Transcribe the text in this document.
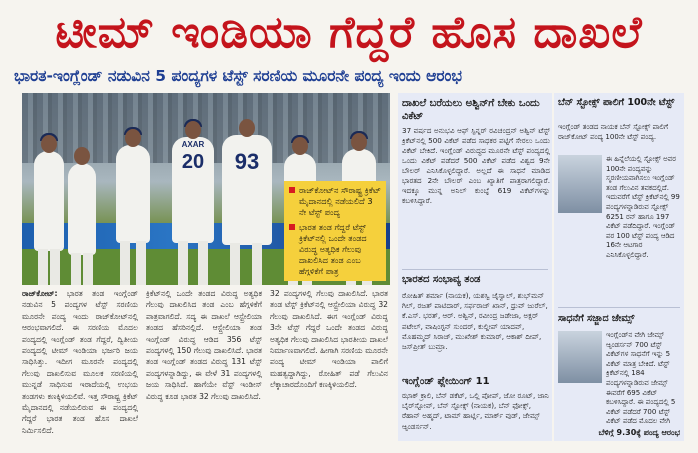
ಟೀಮ್ ಇಂಡಿಯಾ ಗೆದ್ದರೆ ಹೊಸ ದಾಖಲೆ
ಭಾರತ-ಇಂಗ್ಲೆಂಡ್ ನಡುವಿನ 5 ಪಂದ್ಯಗಳ ಟೆಸ್ಟ್ ಸರಣಿಯ ಮೂರನೇ ಪಂದ್ಯ ಇಂದು ಆರಂಭ
AXAR
20	93

ರಾಜ್‌ಕೋಟ್‌ನ ಸೌರಾಷ್ಟ್ರ ಕ್ರಿಕೆಟ್ ಮೈದಾನದಲ್ಲಿ ನಡೆಯಲಿದೆ 3 ನೇ ಟೆಸ್ಟ್ ಪಂದ್ಯ

ಭಾರತ ತಂಡ ಗೆದ್ದರೆ ಟೆಸ್ಟ್ ಕ್ರಿಕೆಟ್‌ನಲ್ಲಿ ಒಂದೇ ತಂಡದ ವಿರುದ್ಧ ಅತ್ಯಧಿಕ ಗೆಲುವು ದಾಖಲಿಸಿದ ತಂಡ ಎಂಬ ಹೆಗ್ಗಳಿಕೆಗೆ ಪಾತ್ರ

ರಾಜ್‌ಕೋಟ್: ಭಾರತ ತಂಡ ಇಂಗ್ಲೆಂಡ್ ನಡುವಿನ 5 ಪಂದ್ಯಗಳ ಟೆಸ್ಟ್ ಸರಣಿಯ ಮೂರನೇ ಪಂದ್ಯ ಇಂದು ರಾಜ್‌ಕೋಟ್‌ನಲ್ಲಿ ಆರಂಭವಾಗಲಿದೆ. ಈ ಸರಣಿಯ ಮೊದಲ ಪಂದ್ಯದಲ್ಲಿ ಇಂಗ್ಲೆಂಡ್ ತಂಡ ಗೆದ್ದರೆ, ದ್ವಿತೀಯ ಪಂದ್ಯದಲ್ಲಿ ಟೀಮ್ ಇಂಡಿಯಾ ಭರ್ಜರಿ ಜಯ ಸಾಧಿಸಿತ್ತು. ಇದೀಗ ಮೂರನೇ ಪಂದ್ಯದಲ್ಲಿ ಗೆಲುವು ದಾಖಲಿಸುವ ಮೂಲಕ ಸರಣಿಯಲ್ಲಿ ಮುನ್ನಡೆ ಸಾಧಿಸುವ ಇರಾದೆಯಲ್ಲಿ ಉಭಯ ತಂಡಗಳು ಕಣಕ್ಕಿಳಿಯಲಿವೆ. ಇತ್ತ ಸೌರಾಷ್ಟ್ರ ಕ್ರಿಕೆಟ್ ಮೈದಾನದಲ್ಲಿ ನಡೆಯಲಿರುವ ಈ ಪಂದ್ಯದಲ್ಲಿ ಗೆದ್ದರೆ ಭಾರತ ತಂಡ ಹೊಸ ದಾಖಲೆ ನಿರ್ಮಿಸಲಿದೆ.
ಕ್ರಿಕೆಟ್‌ನಲ್ಲಿ ಒಂದೇ ತಂಡದ ವಿರುದ್ಧ ಅತ್ಯಧಿಕ ಗೆಲುವು ದಾಖಲಿಸಿದ ತಂಡ ಎಂಬ ಹೆಗ್ಗಳಿಕೆಗೆ ಪಾತ್ರವಾಗಲಿದೆ. ಸದ್ಯ ಈ ದಾಖಲೆ ಆಸ್ಟ್ರೇಲಿಯಾ ತಂಡದ ಹೆಸರಿನಲ್ಲಿದೆ. ಆಸ್ಟ್ರೇಲಿಯಾ ತಂಡ ಇಂಗ್ಲೆಂಡ್ ವಿರುದ್ಧ ಆಡಿದ 356 ಟೆಸ್ಟ್ ಪಂದ್ಯಗಳಲ್ಲಿ 150 ಗೆಲುವು ದಾಖಲಿಸಿದೆ. ಭಾರತ ತಂಡ ಇಂಗ್ಲೆಂಡ್ ತಂಡದ ವಿರುದ್ಧ 131 ಟೆಸ್ಟ್ ಪಂದ್ಯಗಳನ್ನಾಡಿದ್ದು, ಈ ವೇಳೆ 31 ಪಂದ್ಯಗಳಲ್ಲಿ ಜಯ ಸಾಧಿಸಿದೆ. ಹಾಗೆಯೇ ವೆಸ್ಟ್ ಇಂಡೀಸ್ ವಿರುದ್ಧ ಕೂಡ ಭಾರತ 32 ಗೆಲುವು ದಾಖಲಿಸಿದೆ.
32 ಪಂದ್ಯಗಳಲ್ಲಿ ಗೆಲುವು ದಾಖಲಿಸಿದೆ. ಭಾರತ ತಂಡ ಟೆಸ್ಟ್ ಕ್ರಿಕೆಟ್‌ನಲ್ಲಿ ಆಸ್ಟ್ರೇಲಿಯಾ ವಿರುದ್ಧ 32 ಗೆಲುವು ದಾಖಲಿಸಿದೆ. ಈಗ ಇಂಗ್ಲೆಂಡ್ ವಿರುದ್ಧ 3ನೇ ಟೆಸ್ಟ್ ಗೆದ್ದರೆ ಒಂದೇ ತಂಡದ ವಿರುದ್ಧ ಅತ್ಯಧಿಕ ಗೆಲುವು ದಾಖಲಿಸಿದ ಭಾರತೀಯ ದಾಖಲೆ ನಿರ್ಮಾಣವಾಗಲಿದೆ. ಹೀಗಾಗಿ ಸರಣಿಯ ಮೂರನೇ ಪಂದ್ಯ ಟೀಮ್ ಇಂಡಿಯಾ ಪಾಲಿಗೆ ಮಹತ್ವದ್ದಾಗಿದ್ದು, ರೋಹಿತ್ ಪಡೆ ಗೆಲುವಿನ ಲೆಕ್ಕಾಚಾರದೊಂದಿಗೆ ಕಣಕ್ಕಿಳಿಯಲಿದೆ.
ದಾಖಲೆ ಬರೆಯಲು ಅಶ್ವಿನ್‌ಗೆ ಬೇಕು ಒಂದು ವಿಕೆಟ್
37 ವರ್ಷದ ಅನುಭವಿ ಆಫ್ ಸ್ಪಿನ್ನರ್ ರವಿಚಂದ್ರನ್ ಅಶ್ವಿನ್ ಟೆಸ್ಟ್ ಕ್ರಿಕೆಟ್‌ನಲ್ಲಿ 500 ವಿಕೆಟ್ ಪಡೆದ ಸಾಧಕರ ಪಟ್ಟಿಗೆ ಸೇರಲು ಒಂದು ವಿಕೆಟ್ ಬೇಕಿದೆ. ಇಂಗ್ಲೆಂಡ್ ವಿರುದ್ಧದ ಮೂರನೇ ಟೆಸ್ಟ್ ಪಂದ್ಯದಲ್ಲಿ ಒಂದು ವಿಕೆಟ್ ಪಡೆದರೆ 500 ವಿಕೆಟ್ ಪಡೆದ ವಿಶ್ವದ 9ನೇ ಬೌಲರ್ ಎನಿಸಿಕೊಳ್ಳಲಿದ್ದಾರೆ. ಅಲ್ಲದೆ ಈ ಸಾಧನೆ ಮಾಡಿದ ಭಾರತದ 2ನೇ ಬೌಲರ್ ಎಂಬ ಖ್ಯಾತಿಗೆ ಪಾತ್ರರಾಗಲಿದ್ದಾರೆ. ಇದಕ್ಕೂ ಮುನ್ನ ಅನಿಲ್ ಕುಂಬ್ಳೆ 619 ವಿಕೆಟ್‌ಗಳನ್ನು ಕಬಳಿಸಿದ್ದಾರೆ.
ಭಾರತದ ಸಂಭಾವ್ಯ ತಂಡ
ರೋಹಿತ್ ಶರ್ಮಾ (ನಾಯಕ), ಯಶಸ್ವಿ ಜೈಸ್ವಾಲ್, ಶುಭ್‌ಮನ್ ಗಿಲ್, ರಜತ್ ಪಾಟಿದಾರ್, ಸರ್ಫರಾಜ್ ಖಾನ್, ಧ್ರುವ್ ಜುರೆಲ್, ಕೆ.ಎಸ್. ಭರತ್, ಆರ್. ಅಶ್ವಿನ್, ರವೀಂದ್ರ ಜಡೇಜಾ, ಅಕ್ಷರ್ ಪಟೇಲ್, ವಾಷಿಂಗ್ಟನ್ ಸುಂದರ್, ಕುಲ್ದೀಪ್ ಯಾದವ್, ಮೊಹಮ್ಮದ್ ಸಿರಾಜ್, ಮುಖೇಶ್ ಕುಮಾರ್, ಆಕಾಶ್ ದೀಪ್, ಜಸ್‌ಪ್ರೀತ್ ಬುಮ್ರಾ.
ಇಂಗ್ಲೆಂಡ್ ಪ್ಲೇಯಿಂಗ್ 11
ಝಾಕ್ ಕ್ರಾಲಿ, ಬೆನ್ ಡಕೆಟ್, ಒಲ್ಲಿ ಪೋಪ್, ಜೋ ರೂಟ್, ಜಾನಿ ಬೈರ್‌ಸ್ಟೋವ್, ಬೆನ್ ಸ್ಟೋಕ್ಸ್ (ನಾಯಕ), ಬೆನ್ ಫೋಕ್ಸ್, ರೆಹಾನ್ ಅಹ್ಮದ್, ಟಾಮ್ ಹಾರ್ಟ್ಲಿ, ಮಾರ್ಕ್ ವುಡ್, ಜೇಮ್ಸ್ ಆ್ಯಂಡರ್ಸನ್.
ಬೆನ್ ಸ್ಟೋಕ್ಸ್ ಪಾಲಿಗೆ 100ನೇ ಟೆಸ್ಟ್
ಇಂಗ್ಲೆಂಡ್ ತಂಡದ ನಾಯಕ ಬೆನ್ ಸ್ಟೋಕ್ಸ್ ಪಾಲಿಗೆ ರಾಜ್‌ಕೋಟ್ ಪಂದ್ಯ 100ನೇ ಟೆಸ್ಟ್ ಪಂದ್ಯ.
ಈ ಹಿನ್ನೆಲೆಯಲ್ಲಿ ಸ್ಟೋಕ್ಸ್ ಅವರ 100ನೇ ಪಂದ್ಯವನ್ನು ಸ್ಮರಣೀಯವಾಗಿಸಲು ಇಂಗ್ಲೆಂಡ್ ತಂಡ ಗೆಲುವಿನ ತವಕದಲ್ಲಿದೆ. ಇದುವರೆಗೆ ಟೆಸ್ಟ್ ಕ್ರಿಕೆಟ್‌ನಲ್ಲಿ 99 ಪಂದ್ಯಗಳನ್ನಾಡಿರುವ ಸ್ಟೋಕ್ಸ್ 6251 ರನ್ ಹಾಗೂ 197 ವಿಕೆಟ್ ಪಡೆದಿದ್ದಾರೆ. ಇಂಗ್ಲೆಂಡ್ ಪರ 100 ಟೆಸ್ಟ್ ಪಂದ್ಯ ಆಡಿದ 16ನೇ ಆಟಗಾರ ಎನಿಸಿಕೊಳ್ಳಲಿದ್ದಾರೆ.
ಸಾಧನೆಗೆ ಸಜ್ಜಾದ ಜೇಮ್ಸ್
ಇಂಗ್ಲೆಂಡ್‌ನ ವೇಗಿ ಜೇಮ್ಸ್ ಆ್ಯಂಡರ್ಸನ್ 700 ಟೆಸ್ಟ್ ವಿಕೆಟ್‌ಗಳ ಸಾಧನೆಗೆ ಇನ್ನು 5 ವಿಕೆಟ್ ಮಾತ್ರ ಬೇಕಿದೆ. ಟೆಸ್ಟ್ ಕ್ರಿಕೆಟ್‌ನಲ್ಲಿ 184 ಪಂದ್ಯಗಳನ್ನಾಡಿರುವ ಜೇಮ್ಸ್ ಈವರೆಗೆ 695 ವಿಕೆಟ್ ಕಬಳಿಸಿದ್ದಾರೆ. ಈ ಪಂದ್ಯದಲ್ಲಿ 5 ವಿಕೆಟ್ ಪಡೆದರೆ 700 ಟೆಸ್ಟ್ ವಿಕೆಟ್ ಪಡೆದ ಮೊದಲ ವೇಗಿ
ಬೆಳಿಗ್ಗೆ 9.30ಕ್ಕೆ ಪಂದ್ಯ ಆರಂಭ
